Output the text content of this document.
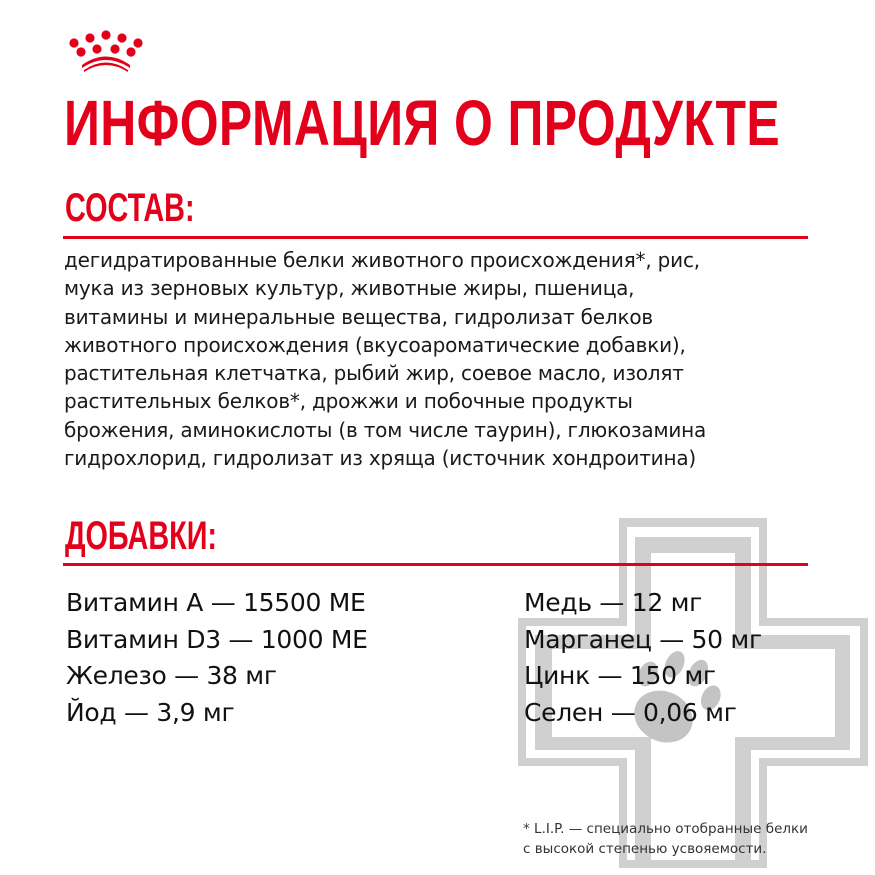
ИНФОРМАЦИЯ О ПРОДУКТЕ
СОСТАВ:

дегидратированные белки животного происхождения*, рис,
мука из зерновых культур, животные жиры, пшеница,
витамины и минеральные вещества, гидролизат белков
животного происхождения (вкусоароматические добавки),
растительная клетчатка, рыбий жир, соевое масло, изолят
растительных белков*, дрожжи и побочные продукты
брожения, аминокислоты (в том числе таурин), глюкозамина
гидрохлорид, гидролизат из хряща (источник хондроитина)

ДОБАВКИ:
Витамин A — 15500 МЕ
Витамин D3 — 1000 МЕ
Железо — 38 мг
Йод — 3,9 мг
Медь — 12 мг
Марганец — 50 мг
Цинк — 150 мг
Селен — 0,06 мг
* L.I.P. — специально отобранные белки
с высокой степенью усвояемости.
